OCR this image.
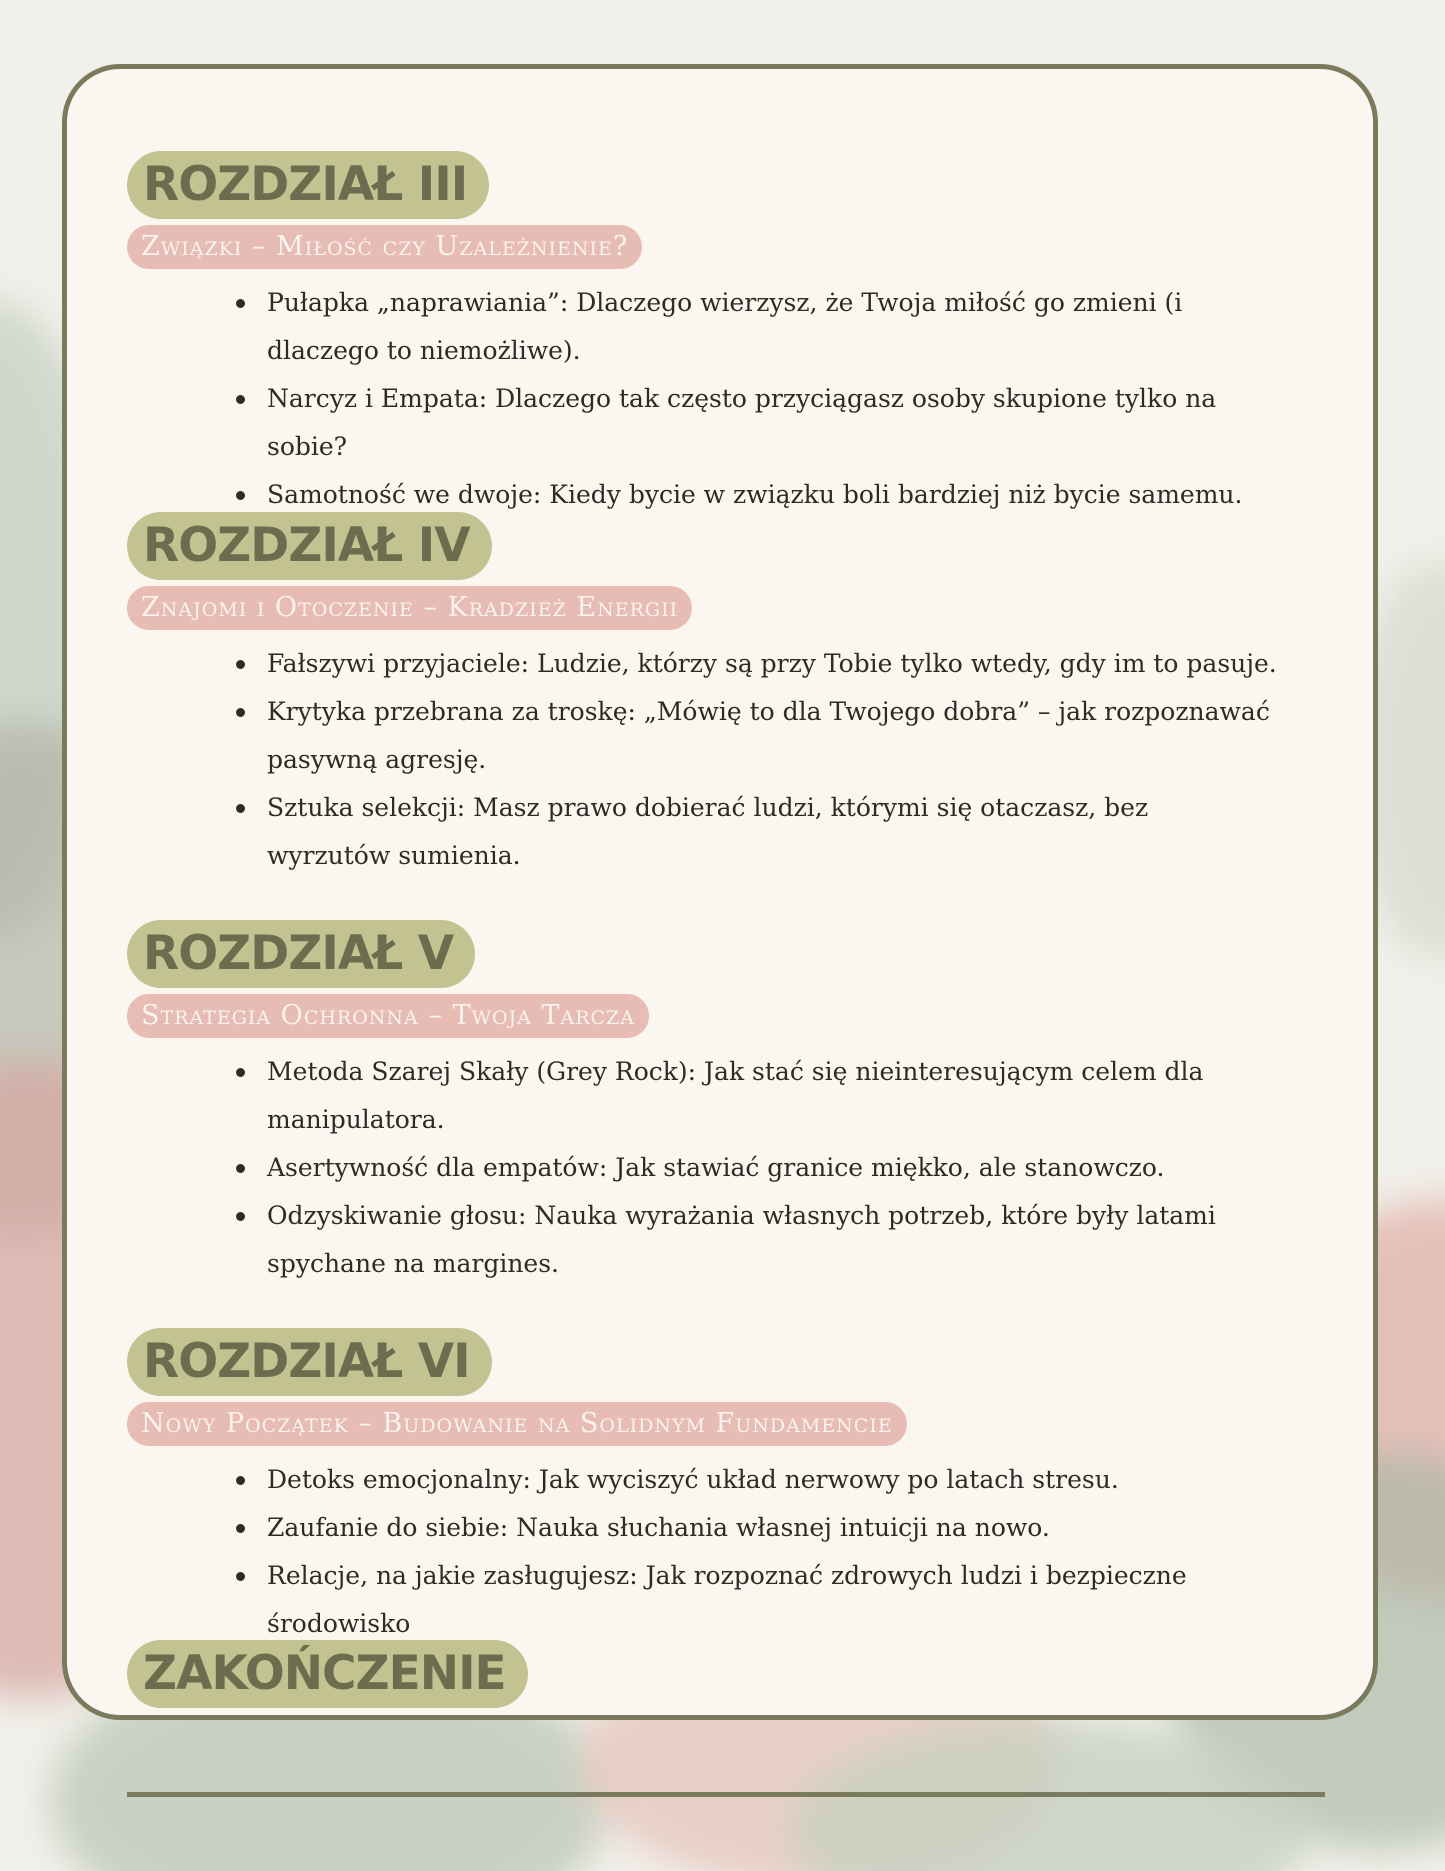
ROZDZIAŁ III
Związki – Miłość czy Uzależnienie?
Pułapka „naprawiania”: Dlaczego wierzysz, że Twoja miłość go zmieni (i dlaczego to niemożliwe).
Narcyz i Empata: Dlaczego tak często przyciągasz osoby skupione tylko na sobie?
Samotność we dwoje: Kiedy bycie w związku boli bardziej niż bycie samemu.
ROZDZIAŁ IV
Znajomi i Otoczenie – Kradzież Energii
Fałszywi przyjaciele: Ludzie, którzy są przy Tobie tylko wtedy, gdy im to pasuje.
Krytyka przebrana za troskę: „Mówię to dla Twojego dobra” – jak rozpoznawać pasywną agresję.
Sztuka selekcji: Masz prawo dobierać ludzi, którymi się otaczasz, bez wyrzutów sumienia.
ROZDZIAŁ V
Strategia Ochronna – Twoja Tarcza
Metoda Szarej Skały (Grey Rock): Jak stać się nieinteresującym celem dla manipulatora.
Asertywność dla empatów: Jak stawiać granice miękko, ale stanowczo.
Odzyskiwanie głosu: Nauka wyrażania własnych potrzeb, które były latami spychane na margines.
ROZDZIAŁ VI
Nowy Początek – Budowanie na Solidnym Fundamencie
Detoks emocjonalny: Jak wyciszyć układ nerwowy po latach stresu.
Zaufanie do siebie: Nauka słuchania własnej intuicji na nowo.
Relacje, na jakie zasługujesz: Jak rozpoznać zdrowych ludzi i bezpieczne środowisko
ZAKOŃCZENIE
